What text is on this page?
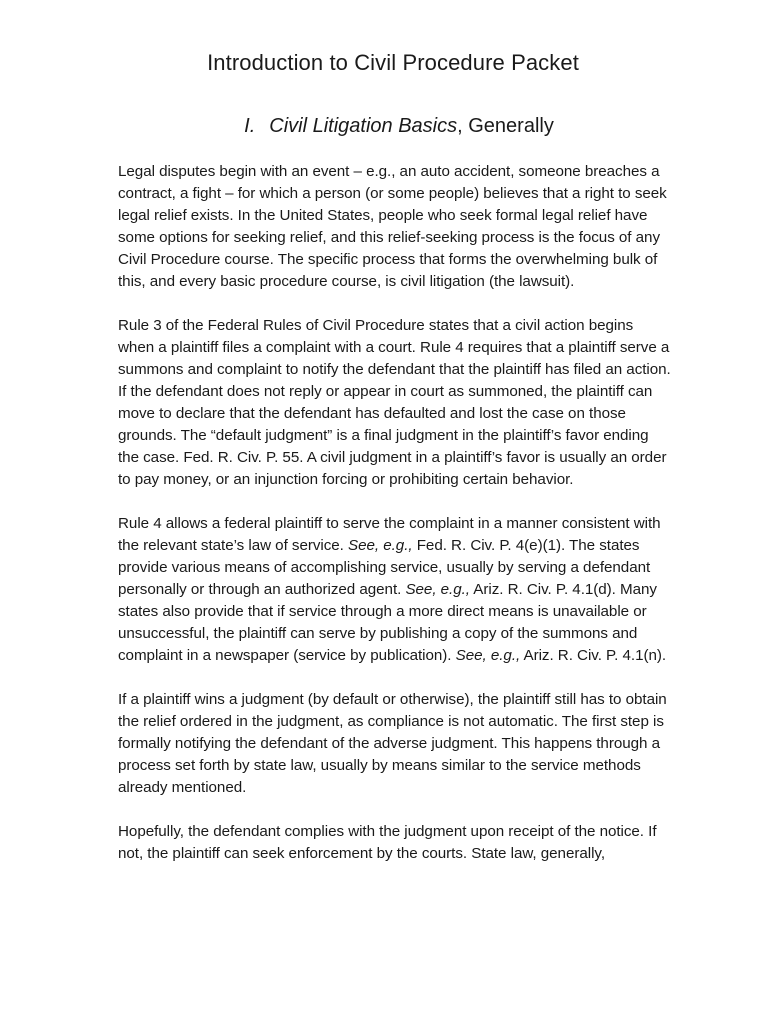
Introduction to Civil Procedure Packet
I. Civil Litigation Basics, Generally

Legal disputes begin with an event – e.g., an auto accident, someone breaches a contract, a fight – for which a person (or some people) believes that a right to seek legal relief exists. In the United States, people who seek formal legal relief have some options for seeking relief, and this relief-seeking process is the focus of any Civil Procedure course. The specific process that forms the overwhelming bulk of this, and every basic procedure course, is civil litigation (the lawsuit).

Rule 3 of the Federal Rules of Civil Procedure states that a civil action begins when a plaintiff files a complaint with a court. Rule 4 requires that a plaintiff serve a summons and complaint to notify the defendant that the plaintiff has filed an action. If the defendant does not reply or appear in court as summoned, the plaintiff can move to declare that the defendant has defaulted and lost the case on those grounds. The “default judgment” is a final judgment in the plaintiff’s favor ending the case. Fed. R. Civ. P. 55. A civil judgment in a plaintiff’s favor is usually an order to pay money, or an injunction forcing or prohibiting certain behavior.

Rule 4 allows a federal plaintiff to serve the complaint in a manner consistent with the relevant state’s law of service. See, e.g., Fed. R. Civ. P. 4(e)(1). The states provide various means of accomplishing service, usually by serving a defendant personally or through an authorized agent. See, e.g., Ariz. R. Civ. P. 4.1(d). Many states also provide that if service through a more direct means is unavailable or unsuccessful, the plaintiff can serve by publishing a copy of the summons and complaint in a newspaper (service by publication). See, e.g., Ariz. R. Civ. P. 4.1(n).

If a plaintiff wins a judgment (by default or otherwise), the plaintiff still has to obtain the relief ordered in the judgment, as compliance is not automatic. The first step is formally notifying the defendant of the adverse judgment. This happens through a process set forth by state law, usually by means similar to the service methods already mentioned.

Hopefully, the defendant complies with the judgment upon receipt of the notice. If not, the plaintiff can seek enforcement by the courts. State law, generally,
